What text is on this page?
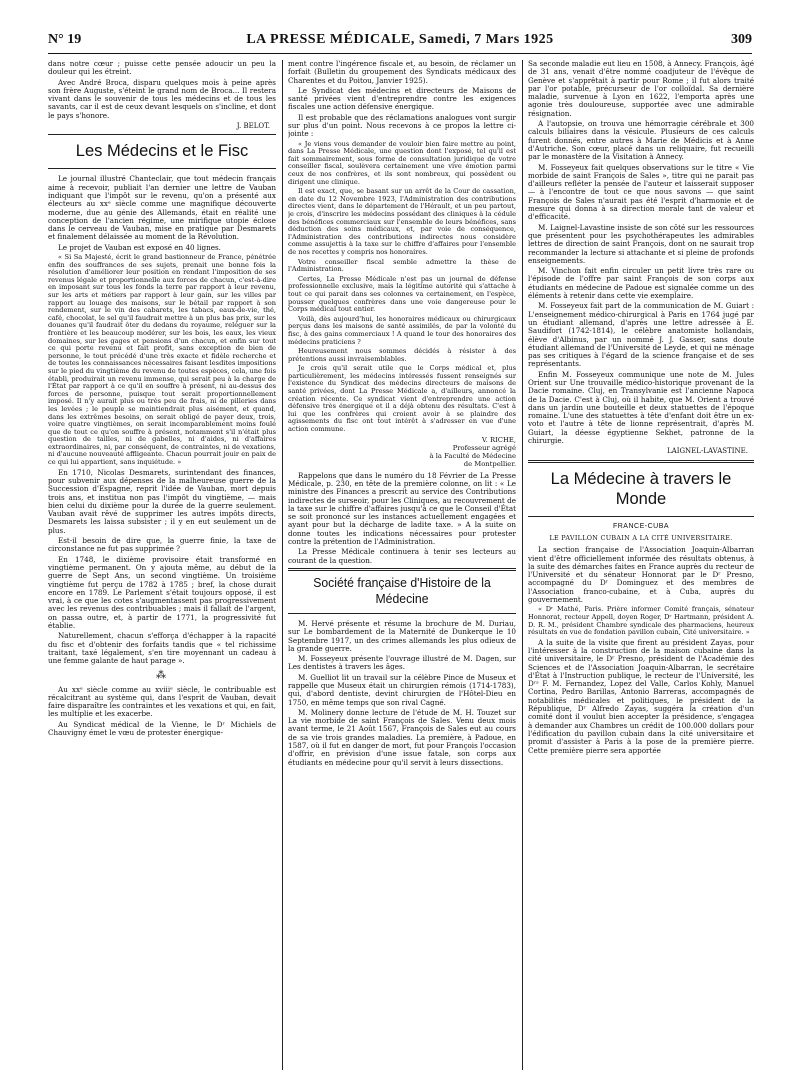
N° 19	LA PRESSE MÉDICALE, Samedi, 7 Mars 1925	309

dans notre cœur ; puisse cette pensée adoucir un peu la douleur qui les étreint.

Avec André Broca, disparu quelques mois à peine après son frère Auguste, s'éteint le grand nom de Broca... Il restera vivant dans le souvenir de tous les médecins et de tous les savants, car il est de ceux devant lesquels on s'incline, et dont le pays s'honore.

J. BELOT.

Les Médecins et le Fisc

Le journal illustré Chanteclair, que tout médecin français aime à recevoir, publiait l'an dernier une lettre de Vauban indiquant que l'impôt sur le revenu, qu'on a présenté aux électeurs au xxᵉ siècle comme une magnifique découverte moderne, due au génie des Allemands, était en réalité une conception de l'ancien régime, une mirifique utopie éclose dans le cerveau de Vauban, mise en pratique par Desmarets et finalement délaissée au moment de la Révolution.

Le projet de Vauban est exposé en 40 lignes.

« Si Sa Majesté, écrit le grand bastionneur de France, pénétrée enfin des souffrances de ses sujets, prenait une bonne fois la résolution d'améliorer leur position en rendant l'imposition de ses revenus légale et proportionnelle aux forces de chacun, c'est-à-dire en imposant sur tous les fonds la terre par rapport à leur revenu, sur les arts et métiers par rapport à leur gain, sur les villes par rapport au louage des maisons, sur le bétail par rapport à son rendement, sur le vin des cabarets, les tabacs, eaux-de-vie, thé, café, chocolat, le sel qu'il faudrait mettre à un plus bas prix, sur les douanes qu'il faudrait ôter du dedans du royaume, reléguer sur la frontière et les beaucoup modérer, sur les bois, les eaux, les vieux domaines, sur les gages et pensions d'un chacun, et enfin sur tout ce qui porte revenu et fait profit, sans exception de bien de personne, le tout précédé d'une très exacte et fidèle recherche et de toutes les connaissances nécessaires faisant lesdites impositions sur le pied du vingtième du revenu de toutes espèces, cela, une fois établi, produirait un revenu immense, qui serait peu à la charge de l'État par rapport à ce qu'il en souffre à présent, ni au-dessus des forces de personne, puisque tout serait proportionnellement imposé. Il n'y aurait plus ou très peu de frais, ni de pilleries dans les levées ; le peuple se maintiendrait plus aisément, et quand, dans les extrêmes besoins, on serait obligé de payer deux, trois, voire quatre vingtièmes, on serait incomparablement moins foulé que de tout ce qu'on souffre à présent, notamment s'il n'était plus question de tailles, ni de gabelles, ni d'aides, ni d'affaires extraordinaires, ni, par conséquent, de contraintes, ni de vexations, ni d'aucune nouveauté affligeante. Chacun pourrait jouir en paix de ce qui lui appartient, sans inquiétude. »

En 1710, Nicolas Desmarets, surintendant des finances, pour subvenir aux dépenses de la malheureuse guerre de la Succession d'Espagne, reprit l'idée de Vauban, mort depuis trois ans, et institua non pas l'impôt du vingtième, — mais bien celui du dixième pour la durée de la guerre seulement. Vauban avait rêvé de supprimer les autres impôts directs, Desmarets les laissa subsister ; il y en eut seulement un de plus.

Est-il besoin de dire que, la guerre finie, la taxe de circonstance ne fut pas supprimée ?

En 1748, le dixième provisoire était transformé en vingtième permanent. On y ajouta même, au début de la guerre de Sept Ans, un second vingtième. Un troisième vingtième fut perçu de 1782 à 1785 ; bref, la chose durait encore en 1789. Le Parlement s'était toujours opposé, il est vrai, à ce que les cotes s'augmentassent pas progressivement avec les revenus des contribuables ; mais il fallait de l'argent, on passa outre, et, à partir de 1771, la progressivité fut établie.

Naturellement, chacun s'efforça d'échapper à la rapacité du fisc et d'obtenir des forfaits tandis que « tel richissime traitant, taxé légalement, s'en tire moyennant un cadeau à une femme galante de haut parage ».

⁂

Au xxᵉ siècle comme au xviiiᵉ siècle, le contribuable est récalcitrant au système qui, dans l'esprit de Vauban, devait faire disparaître les contraintes et les vexations et qui, en fait, les multiplie et les exacerbe.

Au Syndicat médical de la Vienne, le Dʳ Michiels de Chauvigny émet le vœu de protester énergique-

ment contre l'ingérence fiscale et, au besoin, de réclamer un forfait (Bulletin du groupement des Syndicats médicaux des Charentes et du Poitou, Janvier 1925).

Le Syndicat des médecins et directeurs de Maisons de santé privées vient d'entreprendre contre les exigences fiscales une action défensive énergique.

Il est probable que des réclamations analogues vont surgir sur plus d'un point. Nous recevons à ce propos la lettre ci-jointe :

« Je viens vous demander de vouloir bien faire mettre au point, dans La Presse Médicale, une question dont l'exposé, tel qu'il est fait sommairement, sous forme de consultation juridique de votre conseiller fiscal, soulèvera certainement une vive émotion parmi ceux de nos confrères, et ils sont nombreux, qui possèdent ou dirigent une clinique.

Il est exact, que, se basant sur un arrêt de la Cour de cassation, en date du 12 Novembre 1923, l'Administration des contributions directes vient, dans le département de l'Hérault, et un peu partout, je crois, d'inscrire les médecins possédant des cliniques à la cédule des bénéfices commerciaux sur l'ensemble de leurs bénéfices, sans déduction des soins médicaux, et, par voie de conséquence, l'Administration des contributions indirectes nous considère comme assujettis à la taxe sur le chiffre d'affaires pour l'ensemble de nos recettes y compris nos honoraires.

Votre conseiller fiscal semble admettre la thèse de l'Administration.

Certes, La Presse Médicale n'est pas un journal de défense professionnelle exclusive, mais la légitime autorité qui s'attache à tout ce qui parait dans ses colonnes va certainement, en l'espèce, pousser quelques confrères dans une voie dangereuse pour le Corps médical tout entier.

Voilà, dès aujourd'hui, les honoraires médicaux ou chirurgicaux perçus dans les maisons de santé assimilés, de par la volonté du fisc, à des gains commerciaux ! A quand le tour des honoraires des médecins praticiens ?

Heureusement nous sommes décidés à résister à des prétentions aussi invraisemblables.

Je crois qu'il serait utile que le Corps médical et, plus particulièrement, les médecins intéressés fussent renseignés sur l'existence du Syndicat des médecins directeurs de maisons de santé privées, dont La Presse Médicale a, d'ailleurs, annoncé la création récente. Ce syndicat vient d'entreprendre une action défensive très énergique et il a déjà obtenu des résultats. C'est à lui que les confrères qui croient avoir à se plaindre des agissements du fisc ont tout intérêt à s'adresser en vue d'une action commune.

V. RICHE,

Professeur agrégé

à la Faculté de Médecine

de Montpellier.

Rappelons que dans le numéro du 18 Février de La Presse Médicale, p. 230, en tête de la première colonne, on lit : « Le ministre des Finances a prescrit au service des Contributions indirectes de surseoir, pour les Cliniques, au recouvrement de la taxe sur le chiffre d'affaires jusqu'à ce que le Conseil d'État se soit prononcé sur les instances actuellement engagées et ayant pour but la décharge de ladite taxe. » A la suite on donne toutes les indications nécessaires pour protester contre la prétention de l'Administration.

La Presse Médicale continuera à tenir ses lecteurs au courant de la question.

Société française d'Histoire de la Médecine

M. Hervé présente et résume la brochure de M. Duriau, sur Le bombardement de la Maternité de Dunkerque le 10 Septembre 1917, un des crimes allemands les plus odieux de la grande guerre.

M. Fosseyeux présente l'ouvrage illustré de M. Dagen, sur Les dentistes à travers les âges.

M. Guelliot lit un travail sur la célèbre Pince de Museux et rappelle que Museux était un chirurgien rémois (1714-1783), qui, d'abord dentiste, devint chirurgien de l'Hôtel-Dieu en 1750, en même temps que son rival Cagné.

M. Molinery donne lecture de l'étude de M. H. Touzet sur La vie morbide de saint François de Sales. Venu deux mois avant terme, le 21 Août 1567, François de Sales eut au cours de sa vie trois grandes maladies. La première, à Padoue, en 1587, où il fut en danger de mort, fut pour François l'occasion d'offrir, en prévision d'une issue fatale, son corps aux étudiants en médecine pour qu'il servit à leurs dissections.

Sa seconde maladie eut lieu en 1508, à Annecy. François, âgé de 31 ans, venait d'être nommé coadjuteur de l'évêque de Genève et s'apprêtait à partir pour Rome ; il fut alors traité par l'or potable, précurseur de l'or colloïdal. Sa dernière maladie, survenue à Lyon en 1622, l'emporta après une agonie très douloureuse, supportée avec une admirable résignation.

A l'autopsie, on trouva une hémorragie cérébrale et 300 calculs biliaires dans la vésicule. Plusieurs de ces calculs furent donnés, entre autres à Marie de Médicis et à Anne d'Autriche. Son cœur, placé dans un reliquaire, fut recueilli par le monastère de la Visitation à Annecy.

M. Fosseyeux fait quelques observations sur le titre « Vie morbide de saint François de Sales », titre qui ne parait pas d'ailleurs refléter la pensée de l'auteur et laisserait supposer — à l'encontre de tout ce que nous savons — que saint François de Sales n'aurait pas été l'esprit d'harmonie et de mesure qui donna à sa direction morale tant de valeur et d'efficacité.

M. Laignel-Lavastine insiste de son côté sur les ressources que présentent pour les psychothérapeutes les admirables lettres de direction de saint François, dont on ne saurait trop recommander la lecture si attachante et si pleine de profonds enseignements.

M. Vinchon fait enfin circuler un petit livre très rare ou l'épisode de l'offre par saint François de son corps aux étudiants en médecine de Padoue est signalée comme un des éléments à retenir dans cette vie exemplaire.

M. Fosseyeux fait part de la communication de M. Guiart : L'enseignement médico-chirurgical à Paris en 1764 jugé par un étudiant allemand, d'après une lettre adressée à E. Saudifort (1742-1814), le célèbre anatomiste hollandais, élève d'Albinus, par un nommé J. J. Gasser, sans doute étudiant allemand de l'Université de Leyde, et qui ne ménage pas ses critiques à l'égard de la science française et de ses représentants.

Enfin M. Fosseyeux communique une note de M. Jules Orient sur Une trouvaille médico-historique provenant de la Dacie romaine. Cluj, en Transylvanie est l'ancienne Napoca de la Dacie. C'est à Cluj, où il habite, que M. Orient a trouvé dans un jardin une bouteille et deux statuettes de l'époque romaine. L'une des statuettes à tête d'enfant doit être un ex-voto et l'autre à tête de lionne représentrait, d'après M. Guiart, la déesse égyptienne Sekhet, patronne de la chirurgie.

LAIGNEL-LAVASTINE.

La Médecine à travers le Monde

FRANCE-CUBA

LE PAVILLON CUBAIN A LA CITÉ UNIVERSITAIRE.

La section française de l'Association Joaquin-Albarran vient d'être officiellement informée des résultats obtenus, à la suite des démarches faites en France auprès du recteur de l'Université et du sénateur Honnorat par le Dʳ Presno, accompagné du Dʳ Dominguez et des membres de l'Association franco-cubaine, et à Cuba, auprès du gouvernement.

« Dʳ Mathé, Paris. Prière informer Comité français, sénateur Honnorat, recteur Appell, doyen Roger, Dʳ Hartmann, président A. D. R. M., président Chambre syndicale des pharmaciens, heureux résultats en vue de fondation pavillon cubain, Cité universitaire. »

A la suite de la visite que firent au président Zayas, pour l'intéresser à la construction de la maison cubaine dans la cité universitaire, le Dʳ Presno, président de l'Académie des Sciences et de l'Association Joaquin-Albarran, le secrétaire d'État à l'Instruction publique, le recteur de l'Université, les Dʳˢ F. M. Fernandez, Lopez del Valle, Carlos Kohly, Manuel Cortina, Pedro Barillas, Antonio Barreras, accompagnés de notabilités médicales et politiques, le président de la République, Dʳ Alfredo Zayas, suggéra la création d'un comité dont il voulut bien accepter la présidence, s'engagea à demander aux Chambres un crédit de 100.000 dollars pour l'édification du pavillon cubain dans la cité universitaire et promit d'assister à Paris à la pose de la première pierre. Cette première pierre sera apportée
